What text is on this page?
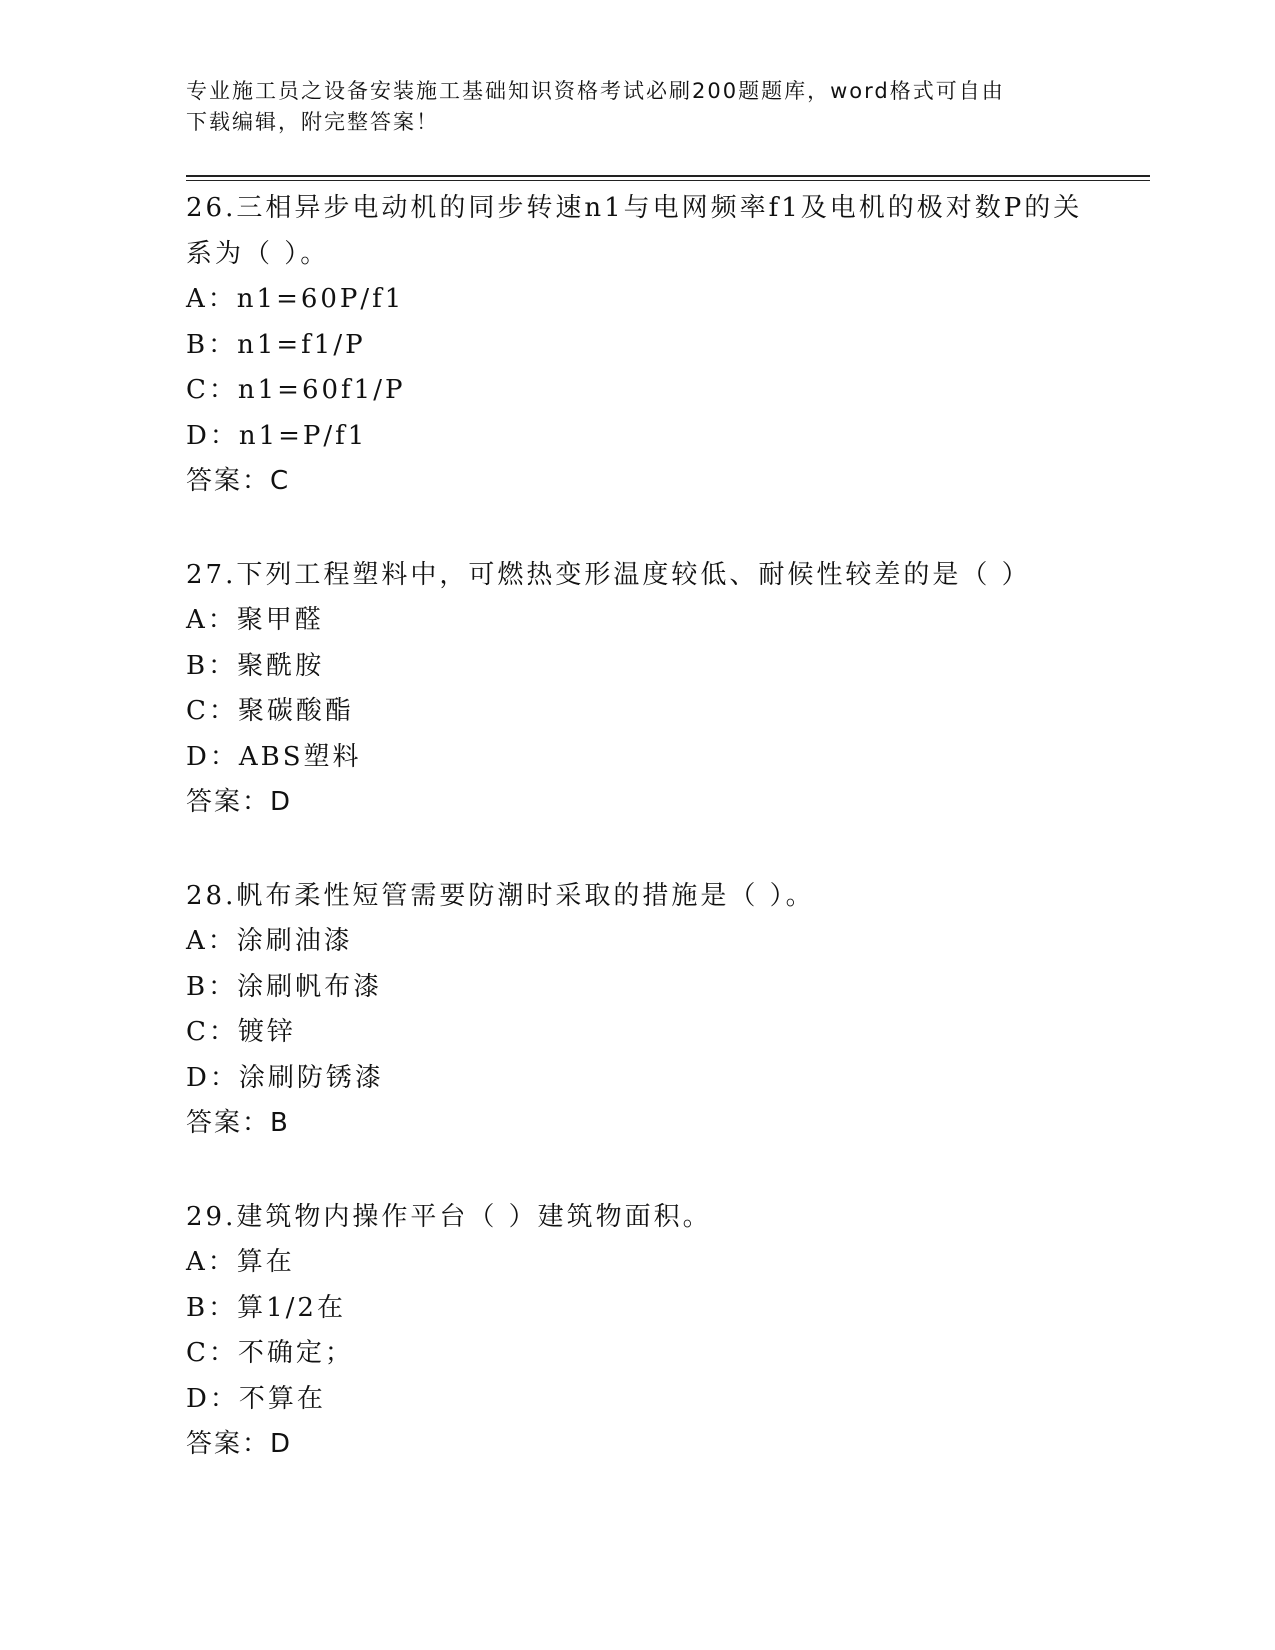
专业施工员之设备安装施工基础知识资格考试必刷200题题库，word格式可自由
下载编辑，附完整答案！
26.三相异步电动机的同步转速n1与电网频率f1及电机的极对数P的关系为（ ）。
A：n1=60P/f1
B：n1=f1/P
C：n1=60f1/P
D：n1=P/f1
答案：C
27.下列工程塑料中，可燃热变形温度较低、耐候性较差的是（ ）
A：聚甲醛
B：聚酰胺
C：聚碳酸酯
D：ABS塑料
答案：D
28.帆布柔性短管需要防潮时采取的措施是（ ）。
A：涂刷油漆
B：涂刷帆布漆
C：镀锌
D：涂刷防锈漆
答案：B
29.建筑物内操作平台（ ）建筑物面积。
A：算在
B：算1/2在
C：不确定；
D：不算在
答案：D
